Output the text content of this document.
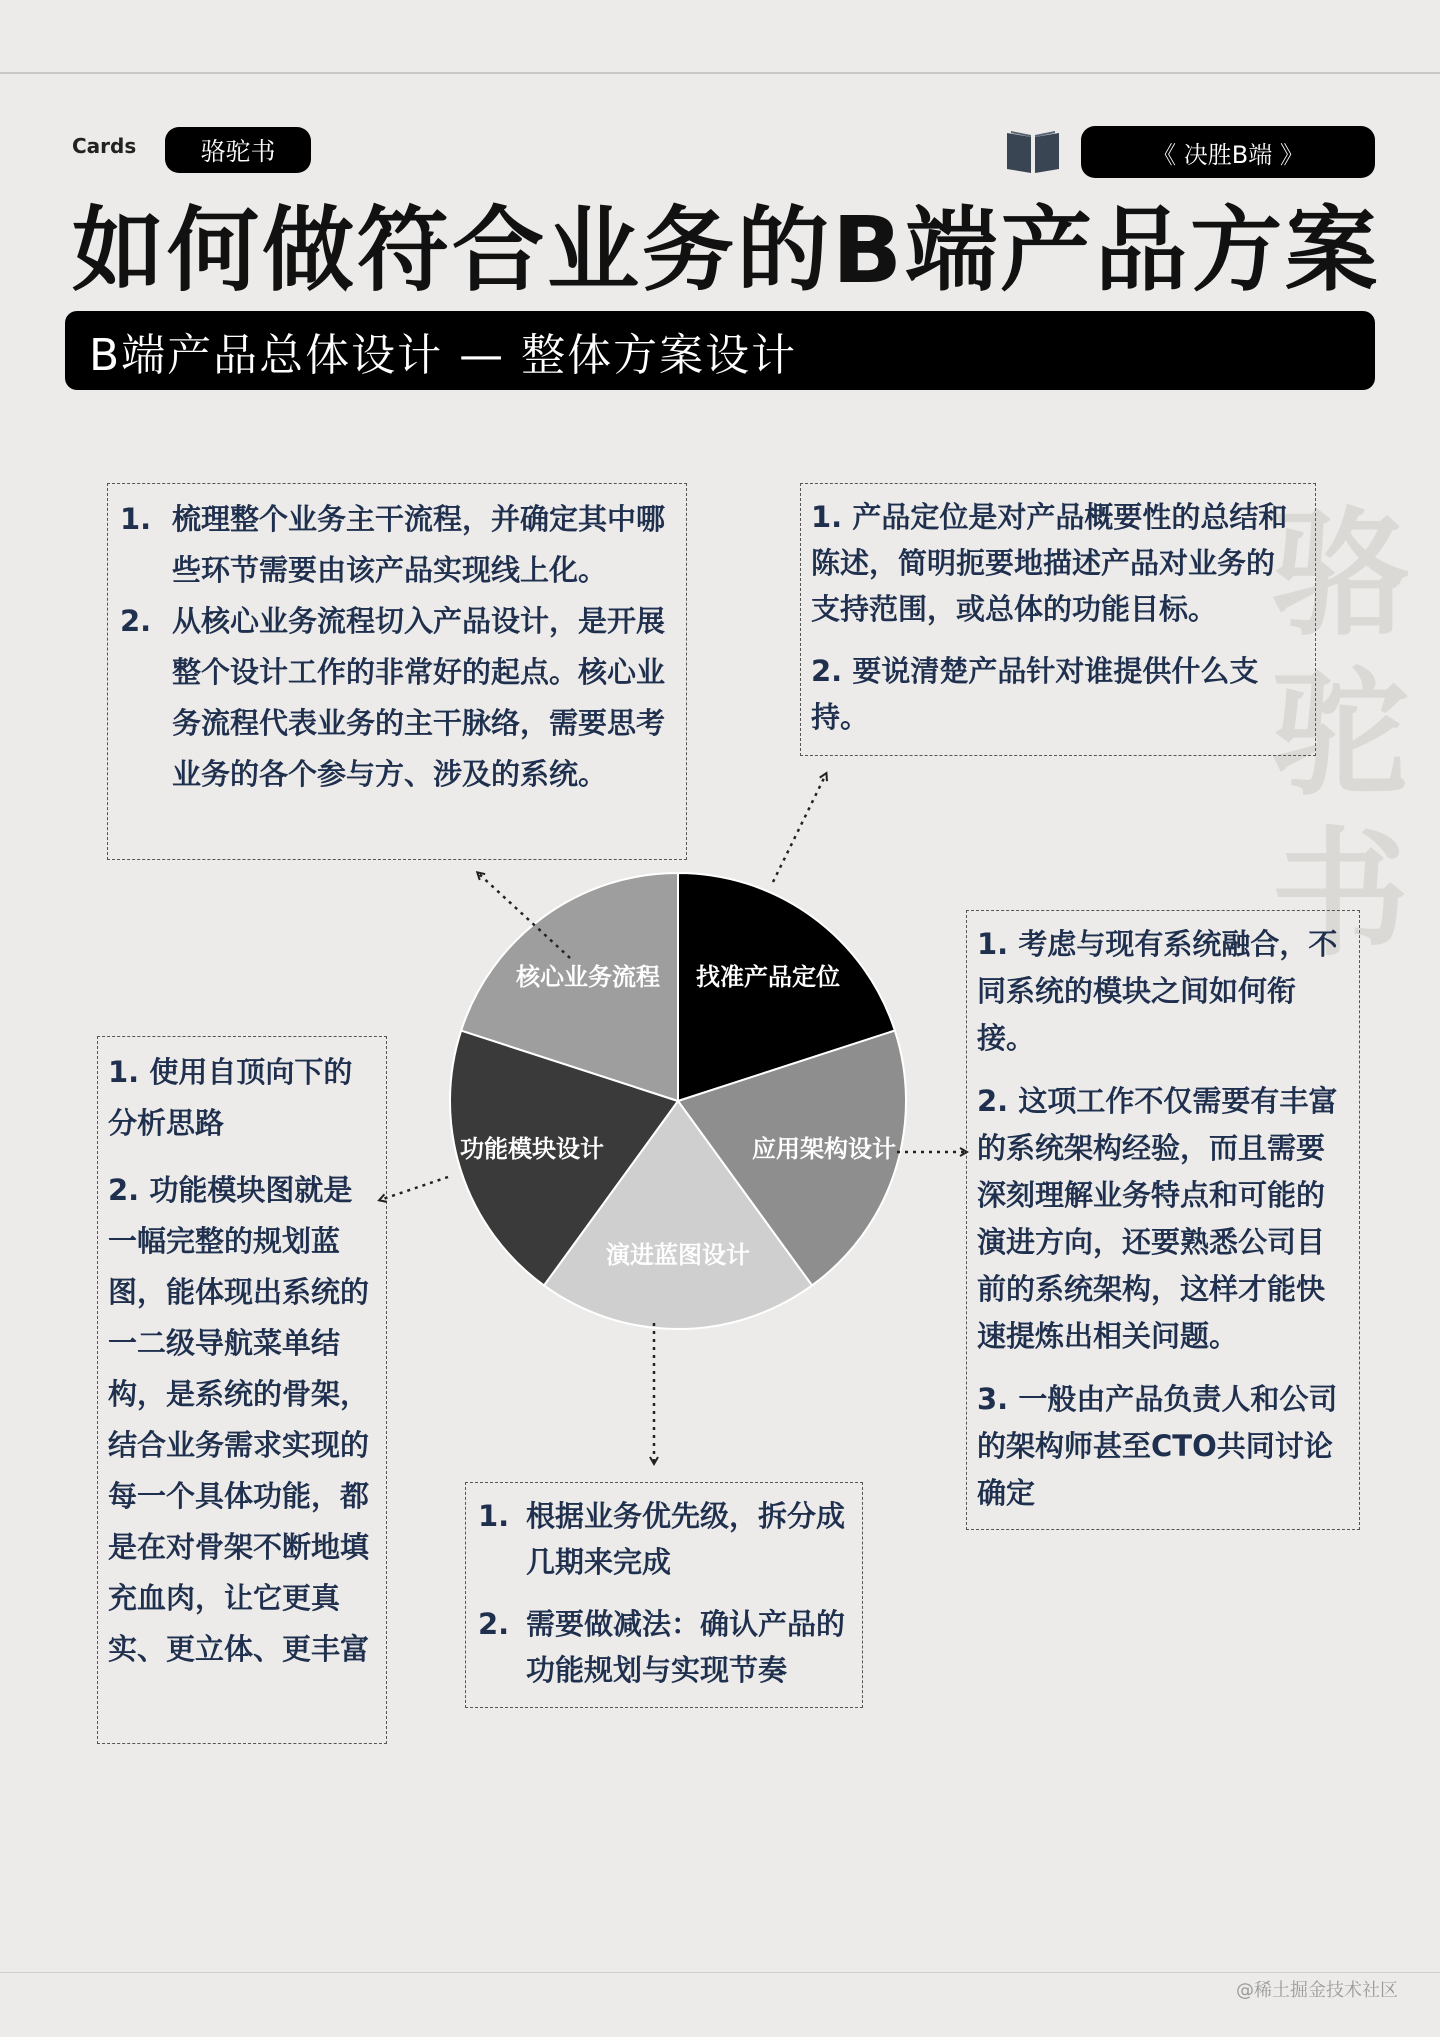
Cards	骆驼书	《 决胜B端 》
如何做符合业务的B端产品方案
B端产品总体设计 — 整体方案设计
骆驼书
1. 梳理整个业务主干流程，并确定其中哪些环节需要由该产品实现线上化。
2. 从核心业务流程切入产品设计，是开展整个设计工作的非常好的起点。核心业务流程代表业务的主干脉络，需要思考业务的各个参与方、涉及的系统。
1. 产品定位是对产品概要性的总结和陈述，简明扼要地描述产品对业务的支持范围，或总体的功能目标。
2. 要说清楚产品针对谁提供什么支持。
1. 考虑与现有系统融合，不同系统的模块之间如何衔接。
2. 这项工作不仅需要有丰富的系统架构经验，而且需要深刻理解业务特点和可能的演进方向，还要熟悉公司目前的系统架构，这样才能快速提炼出相关问题。
3. 一般由产品负责人和公司的架构师甚至CTO共同讨论确定
1. 使用自顶向下的分析思路
2. 功能模块图就是一幅完整的规划蓝图，能体现出系统的一二级导航菜单结构，是系统的骨架，结合业务需求实现的每一个具体功能，都是在对骨架不断地填充血肉，让它更真实、更立体、更丰富
1. 根据业务优先级，拆分成几期来完成
2. 需要做减法：确认产品的功能规划与实现节奏
核心业务流程 找准产品定位
应用架构设计
演进蓝图设计
功能模块设计
@稀土掘金技术社区
